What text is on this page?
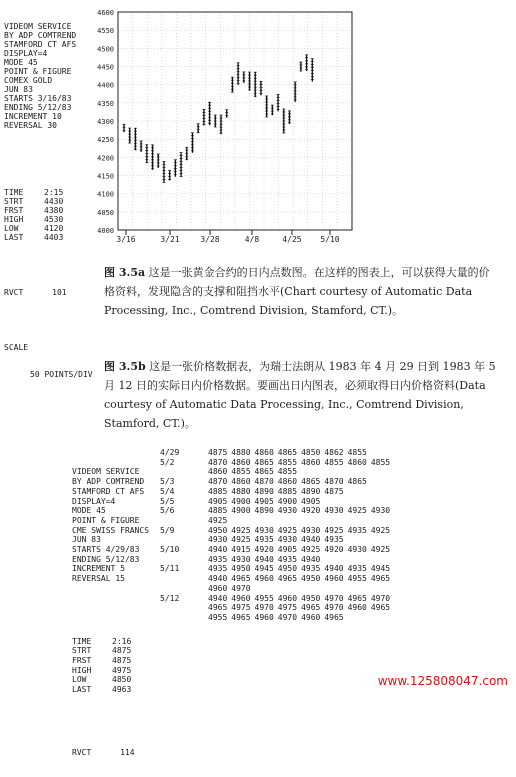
VIDEOM SERVICE
BY ADP COMTREND
STAMFORD CT AFS
DISPLAY=4
MODE 45
POINT & FIGURE
COMEX GOLD
JUN 83
STARTS 3/16/83
ENDING 5/12/83
INCREMENT 10
REVERSAL 30

TIME	2:15
STRT	4430
FRST	4380
HIGH	4530
LOW	4120
LAST	4403

RVCT	101

SCALE

50 POINTS/DIV

4600
4550
4500
4450
4400
4350
4300
4250
4200
4150
4100
4050
4000
3/16	3/21	3/28	4/8	4/25 5/10
图 3.5a 这是一张黄金合约的日内点数图。在这样的图表上，可以获得大量的价格资料，发现隐含的支撑和阻挡水平(Chart courtesy of Automatic Data Processing, Inc., Comtrend Division, Stamford, CT.)。
图 3.5b 这是一张价格数据表，为瑞士法朗从 1983 年 4 月 29 日到 1983 年 5 月 12 日的实际日内价格数据。要画出日内图表，必须取得日内价格资料(Data courtesy of Automatic Data Processing, Inc., Comtrend Division, Stamford, CT.)。

VIDEOM SERVICE
BY ADP COMTREND
STAMFORD CT AFS
DISPLAY=4
MODE 45
POINT & FIGURE
CME SWISS FRANCS
JUN 83
STARTS 4/29/83
ENDING 5/12/83
INCREMENT 5
REVERSAL 15

TIME	2:16
STRT	4875
FRST	4875
HIGH	4975
LOW	4850
LAST	4963

RVCT	114

4/29	4875	4880	4860	4865	4850	4862	4855	
5/2	4870	4860	4865	4855	4860	4855	4860	4855
	4860	4855	4865	4855				
5/3	4870	4860	4870	4860	4865	4870	4865	
5/4	4885	4880	4890	4885	4890	4875		
5/5	4905	4900	4905	4900	4905			
5/6	4885	4900	4890	4930	4920	4930	4925	4930
	4925							
5/9	4950	4925	4930	4925	4930	4925	4935	4925
	4930	4925	4935	4930	4940	4935		
5/10	4940	4915	4920	4905	4925	4920	4930	4925
	4935	4930	4940	4935	4940			
5/11	4935	4950	4945	4950	4935	4940	4935	4945
	4940	4965	4960	4965	4950	4960	4955	4965
	4960	4970						
5/12	4940	4960	4955	4960	4950	4970	4965	4970
	4965	4975	4970	4975	4965	4970	4960	4965
	4955	4965	4960	4970	4960	4965		
www.125808047.com
